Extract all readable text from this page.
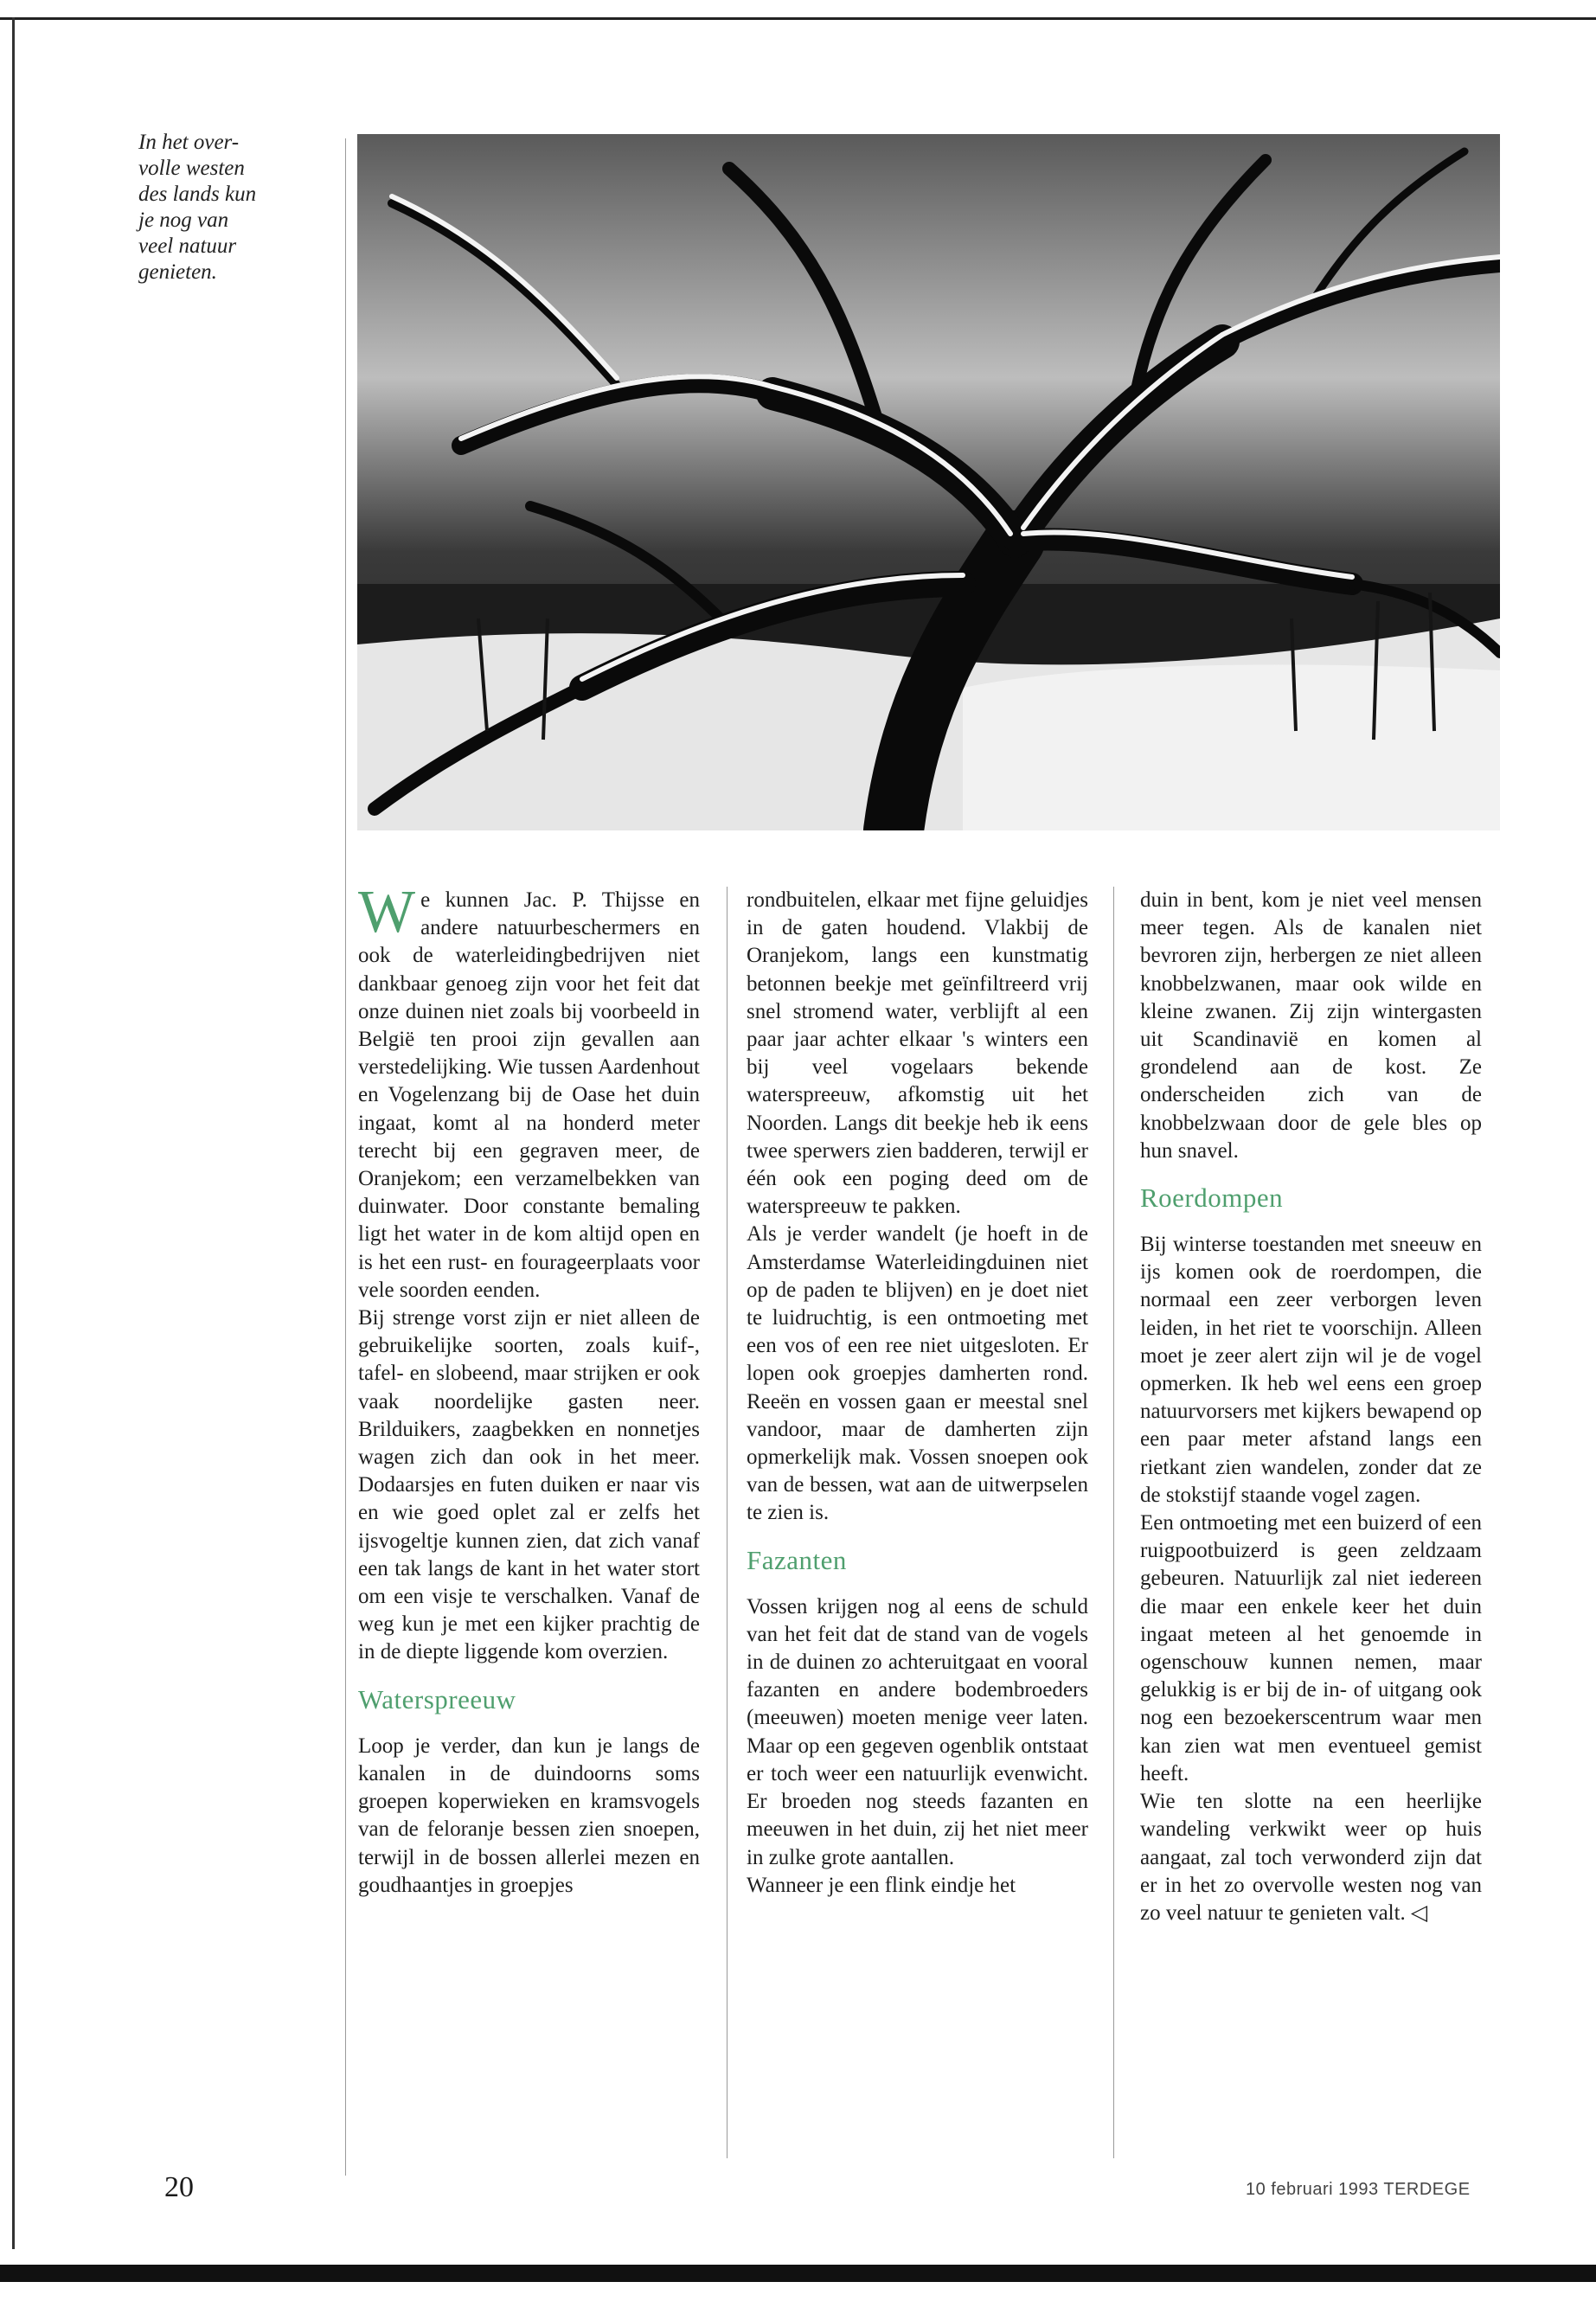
In het over-
volle westen
des lands kun
je nog van
veel natuur
genieten.

We kunnen Jac. P. Thijsse en andere natuurbeschermers en ook de waterleidingbedrijven niet dankbaar genoeg zijn voor het feit dat onze duinen niet zoals bij voorbeeld in België ten prooi zijn gevallen aan verstedelijking. Wie tussen Aardenhout en Vogelenzang bij de Oase het duin ingaat, komt al na honderd meter terecht bij een gegraven meer, de Oranjekom; een verzamelbekken van duinwater. Door constante bemaling ligt het water in de kom altijd open en is het een rust- en fourageerplaats voor vele soorden eenden.

Bij strenge vorst zijn er niet alleen de gebruikelijke soorten, zoals kuif-, tafel- en slobeend, maar strijken er ook vaak noordelijke gasten neer. Brilduikers, zaagbekken en nonnetjes wagen zich dan ook in het meer. Dodaarsjes en futen duiken er naar vis en wie goed oplet zal er zelfs het ijsvogeltje kunnen zien, dat zich vanaf een tak langs de kant in het water stort om een visje te verschalken. Vanaf de weg kun je met een kijker prachtig de in de diepte liggende kom overzien.

Waterspreeuw

Loop je verder, dan kun je langs de kanalen in de duindoorns soms groepen koperwieken en kramsvogels van de feloranje bessen zien snoepen, terwijl in de bossen allerlei mezen en goudhaantjes in groepjes

rondbuitelen, elkaar met fijne geluidjes in de gaten houdend. Vlakbij de Oranjekom, langs een kunstmatig betonnen beekje met geïnfiltreerd vrij snel stromend water, verblijft al een paar jaar achter elkaar 's winters een bij veel vogelaars bekende waterspreeuw, afkomstig uit het Noorden. Langs dit beekje heb ik eens twee sperwers zien badderen, terwijl er één ook een poging deed om de waterspreeuw te pakken.

Als je verder wandelt (je hoeft in de Amsterdamse Waterleidingduinen niet op de paden te blijven) en je doet niet te luidruchtig, is een ontmoeting met een vos of een ree niet uitgesloten. Er lopen ook groepjes damherten rond. Reeën en vossen gaan er meestal snel vandoor, maar de damherten zijn opmerkelijk mak. Vossen snoepen ook van de bessen, wat aan de uitwerpselen te zien is.

Fazanten

Vossen krijgen nog al eens de schuld van het feit dat de stand van de vogels in de duinen zo achteruitgaat en vooral fazanten en andere bodembroeders (meeuwen) moeten menige veer laten. Maar op een gegeven ogenblik ontstaat er toch weer een natuurlijk evenwicht. Er broeden nog steeds fazanten en meeuwen in het duin, zij het niet meer in zulke grote aantallen.

Wanneer je een flink eindje het

duin in bent, kom je niet veel mensen meer tegen. Als de kanalen niet bevroren zijn, herbergen ze niet alleen knobbelzwanen, maar ook wilde en kleine zwanen. Zij zijn wintergasten uit Scandinavië en komen al grondelend aan de kost. Ze onderscheiden zich van de knobbelzwaan door de gele bles op hun snavel.

Roerdompen

Bij winterse toestanden met sneeuw en ijs komen ook de roerdompen, die normaal een zeer verborgen leven leiden, in het riet te voorschijn. Alleen moet je zeer alert zijn wil je de vogel opmerken. Ik heb wel eens een groep natuurvorsers met kijkers bewapend op een paar meter afstand langs een rietkant zien wandelen, zonder dat ze de stokstijf staande vogel zagen.

Een ontmoeting met een buizerd of een ruigpootbuizerd is geen zeldzaam gebeuren. Natuurlijk zal niet iedereen die maar een enkele keer het duin ingaat meteen al het genoemde in ogenschouw kunnen nemen, maar gelukkig is er bij de in- of uitgang ook nog een bezoekerscentrum waar men kan zien wat men eventueel gemist heeft.

Wie ten slotte na een heerlijke wandeling verkwikt weer op huis aangaat, zal toch verwonderd zijn dat er in het zo overvolle westen nog van zo veel natuur te genieten valt. ◁

20	10 februari 1993 TERDEGE
